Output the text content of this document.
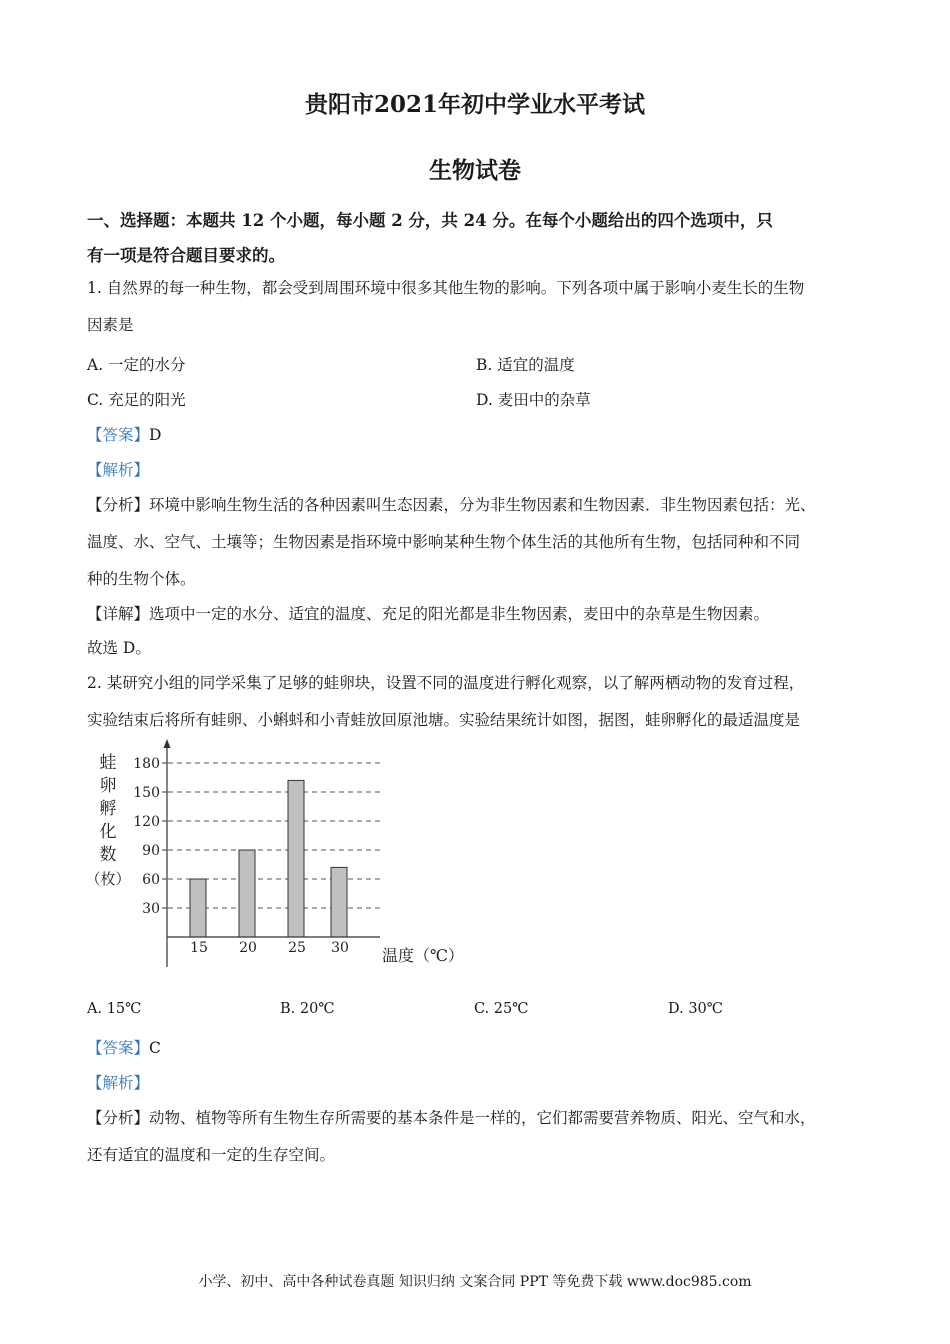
贵阳市2021年初中学业水平考试
生物试卷
一、选择题：本题共 12 个小题，每小题 2 分，共 24 分。在每个小题给出的四个选项中，只
有一项是符合题目要求的。
1. 自然界的每一种生物，都会受到周围环境中很多其他生物的影响。下列各项中属于影响小麦生长的生物
因素是
A. 一定的水分	B. 适宜的温度
C. 充足的阳光	D. 麦田中的杂草
【答案】D
【解析】
【分析】环境中影响生物生活的各种因素叫生态因素，分为非生物因素和生物因素．非生物因素包括：光、
温度、水、空气、土壤等；生物因素是指环境中影响某种生物个体生活的其他所有生物，包括同种和不同
种的生物个体。
【详解】选项中一定的水分、适宜的温度、充足的阳光都是非生物因素，麦田中的杂草是生物因素。
故选 D。
2. 某研究小组的同学采集了足够的蛙卵块，设置不同的温度进行孵化观察，以了解两栖动物的发育过程，
实验结束后将所有蛙卵、小蝌蚪和小青蛙放回原池塘。实验结果统计如图，据图，蛙卵孵化的最适温度是
蛙
卵
孵
化
数
（枚）
30
60
90
120
150
180
15 20 25 30 温度（℃）
A. 15℃	B. 20℃	C. 25℃	D. 30℃
【答案】C
【解析】
【分析】动物、植物等所有生物生存所需要的基本条件是一样的，它们都需要营养物质、阳光、空气和水，
还有适宜的温度和一定的生存空间。
小学、初中、高中各种试卷真题 知识归纳 文案合同 PPT 等免费下载 www.doc985.com
